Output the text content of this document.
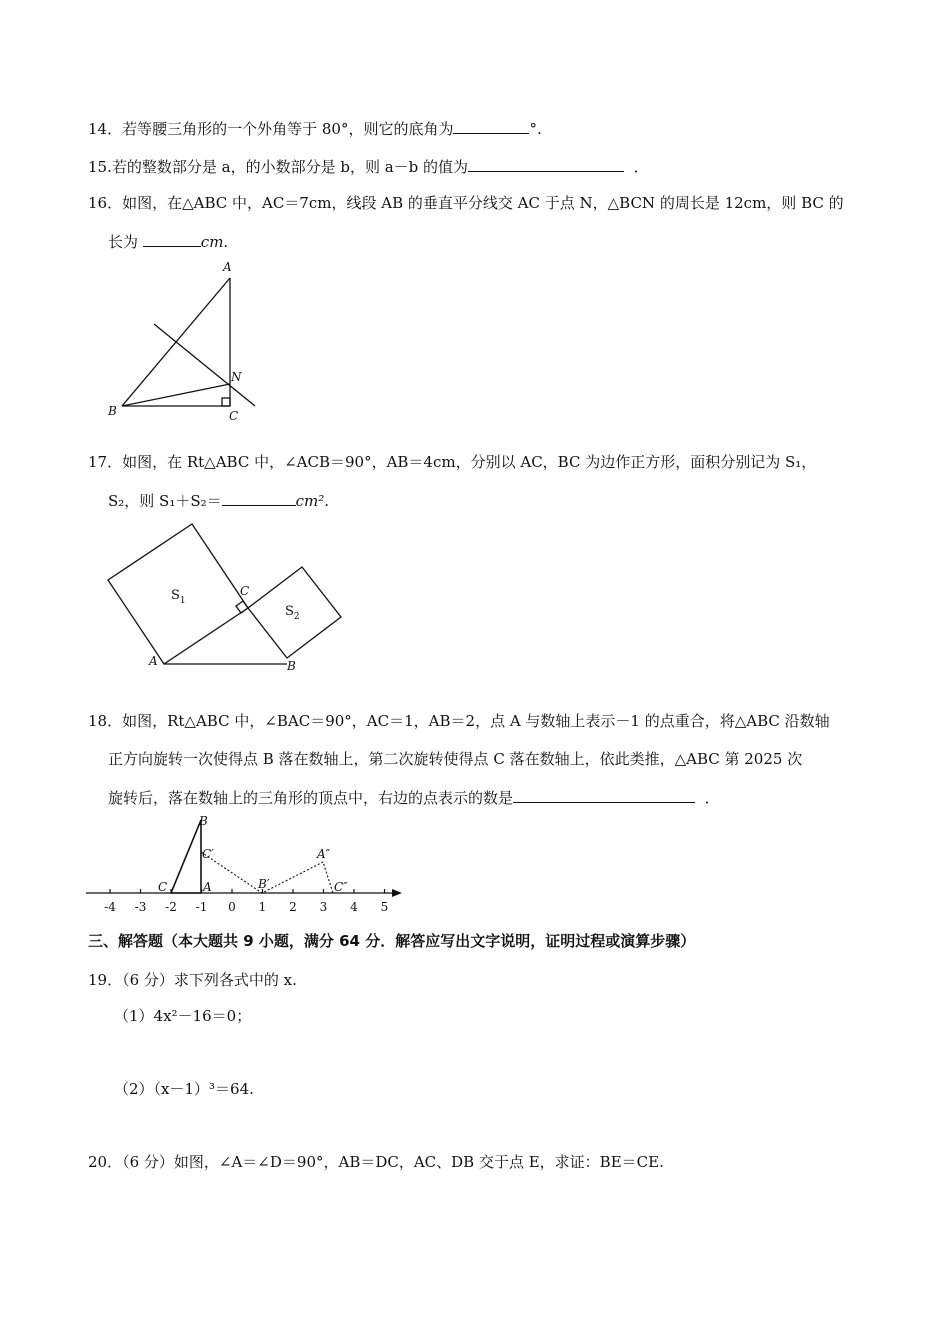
14．若等腰三角形的一个外角等于 80°，则它的底角为	°.
15.若的整数部分是 a，的小数部分是 b，则 a－b 的值为	．
16．如图，在△ABC 中，AC＝7cm，线段 AB 的垂直平分线交 AC 于点 N，△BCN 的周长是 12cm，则 BC 的
长为	cm.
A
B	C
N
17．如图，在 Rt△ABC 中，∠ACB＝90°，AB＝4cm，分别以 AC，BC 为边作正方形，面积分别记为 S₁，
S₂，则 S₁＋S₂＝	cm².
A	B
C
$S_1$
$S_2$
18．如图，Rt△ABC 中，∠BAC＝90°，AC＝1，AB＝2，点 A 与数轴上表示－1 的点重合，将△ABC 沿数轴
正方向旋转一次使得点 B 落在数轴上，第二次旋转使得点 C 落在数轴上，依此类推，△ABC 第 2025 次
旋转后，落在数轴上的三角形的顶点中，右边的点表示的数是	．
-4 -3 -2 -1 0 1 2 3 4 5
B
C′
C	A	B′
A″
C″
三、解答题（本大题共 9 小题，满分 64 分．解答应写出文字说明，证明过程或演算步骤）
19．（6 分）求下列各式中的 x.
（1）4x²－16＝0；
（2）（x－1）³＝64.
20．（6 分）如图，∠A＝∠D＝90°，AB＝DC，AC、DB 交于点 E，求证：BE＝CE.
